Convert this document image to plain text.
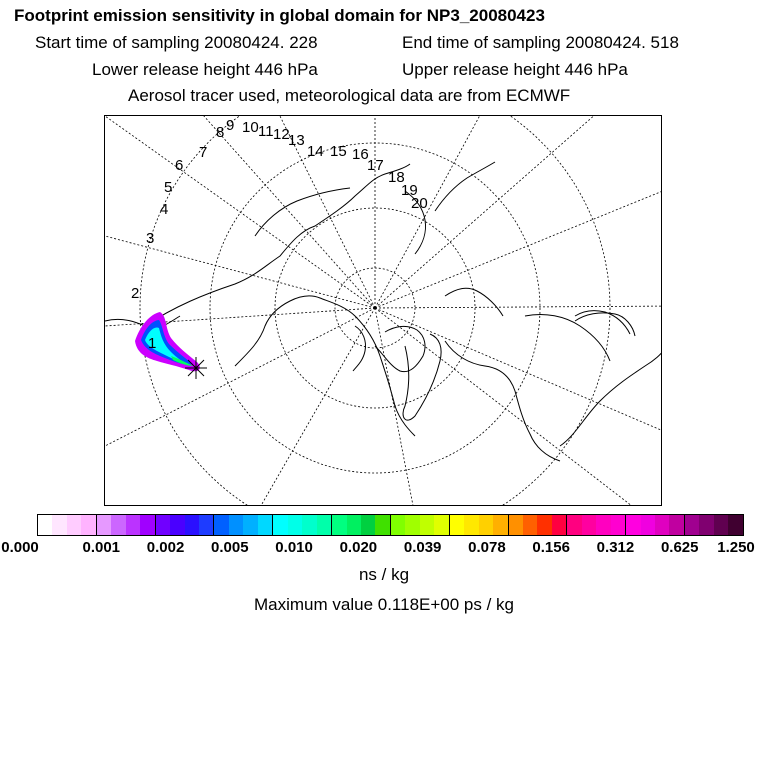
Footprint emission sensitivity in global domain for NP3_20080423
Start time of sampling 20080424. 228	End time of sampling 20080424. 518
Lower release height 446 hPa	Upper release height 446 hPa
Aerosol tracer used, meteorological data are from ECMWF
1
2
3
4
5
6
7
8 9 10 11 12
13
14 15 16
17
18
19
20
0.000	0.001 0.002 0.005 0.010 0.020 0.039 0.078 0.156 0.312 0.625 1.250
ns / kg
Maximum value 0.118E+00 ps / kg
